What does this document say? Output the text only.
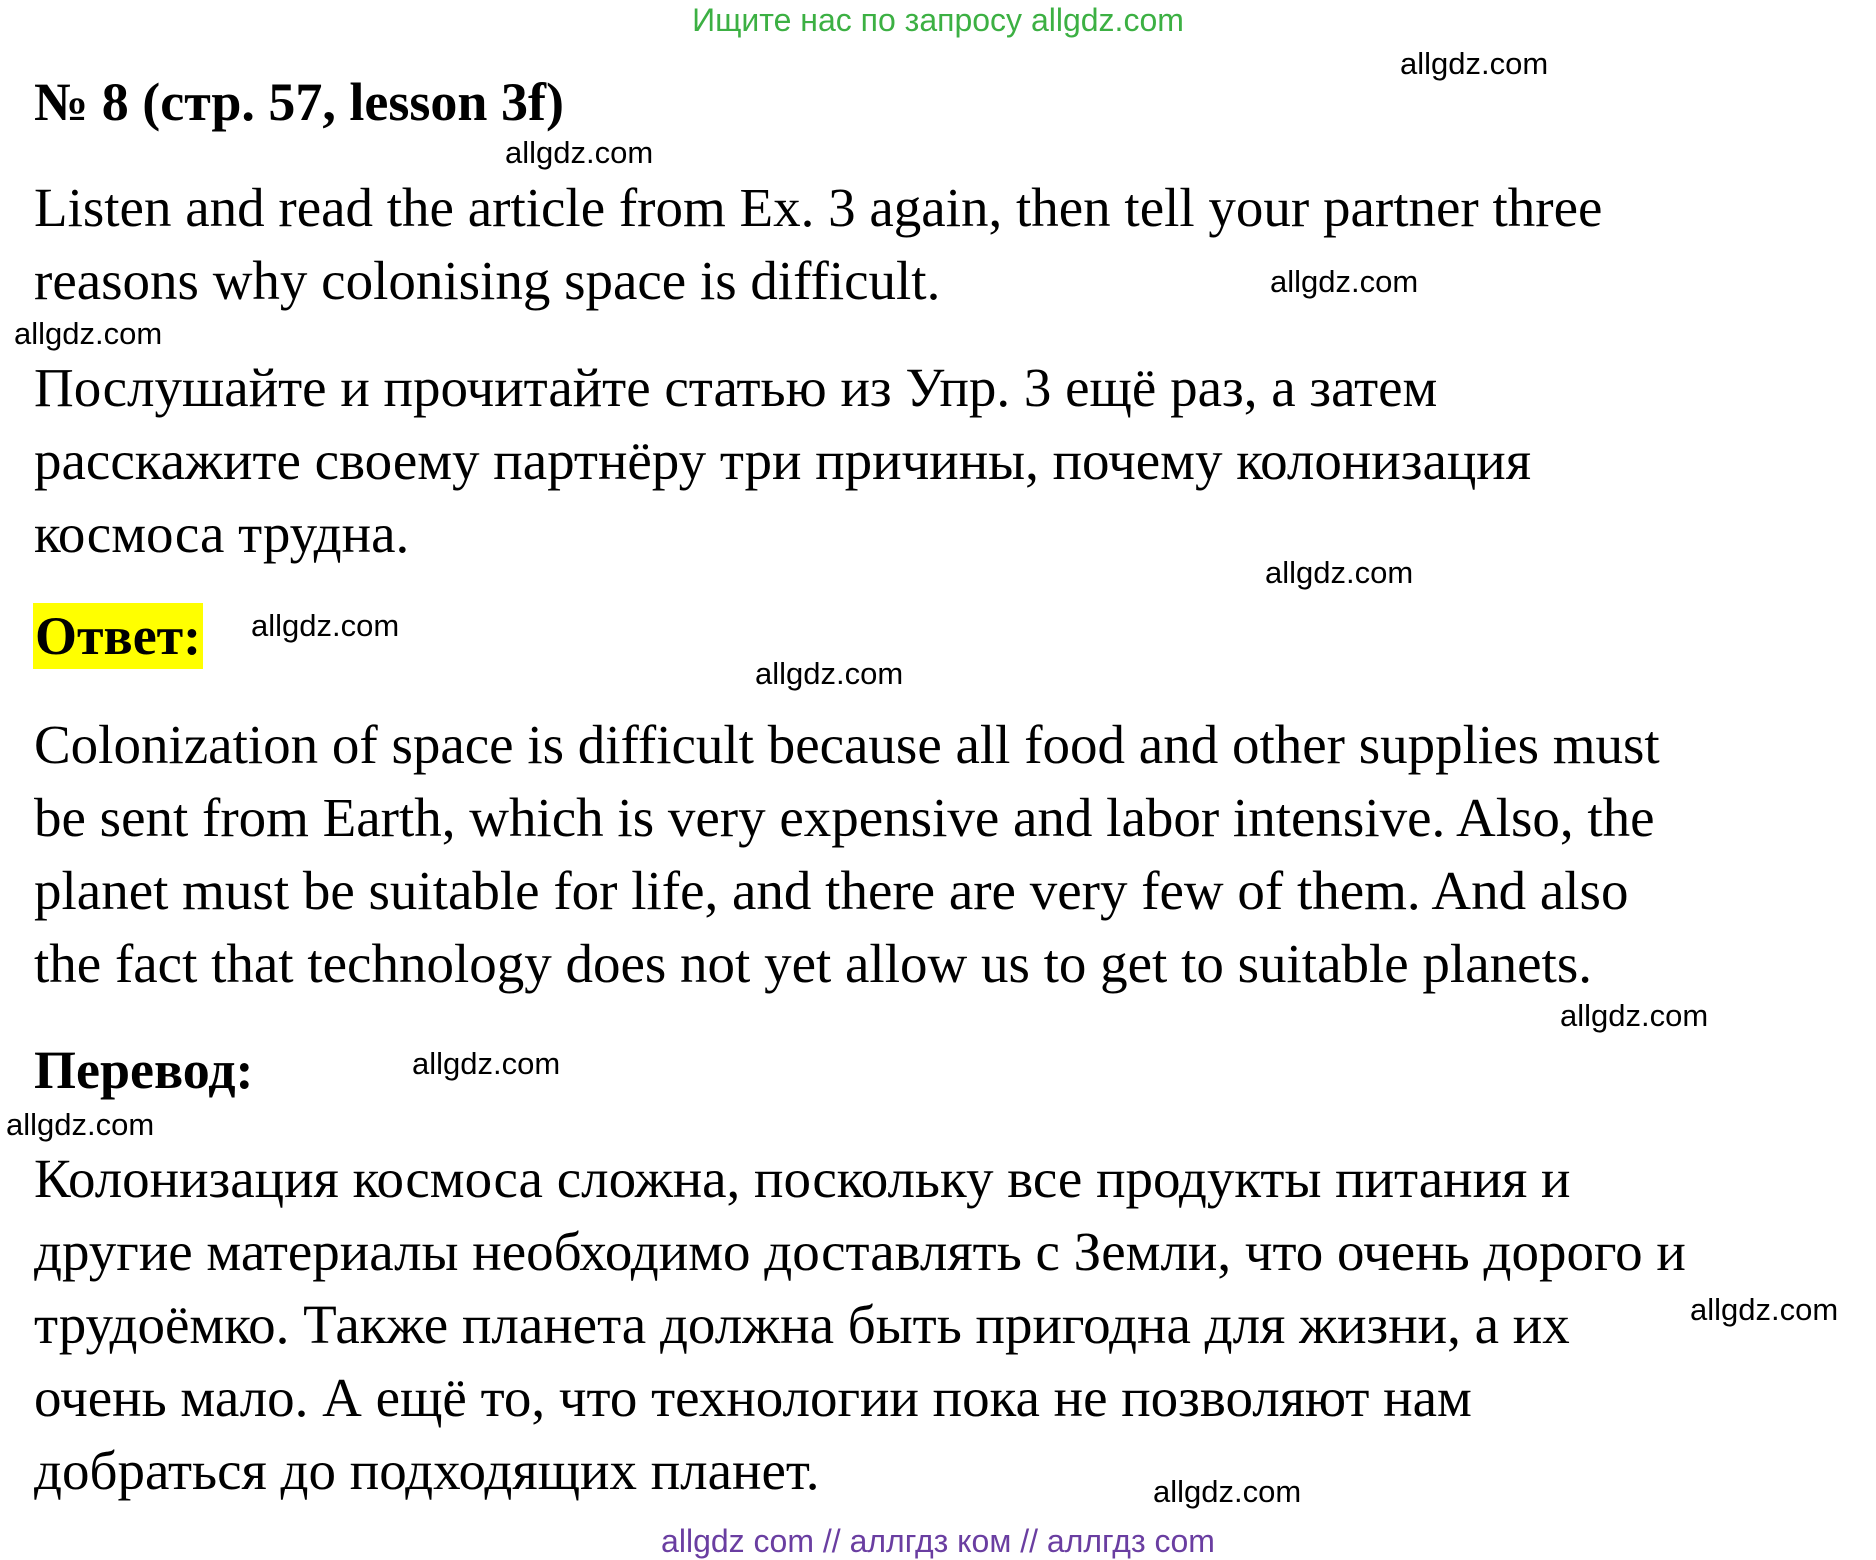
Ищите нас по запросу allgdz.com
allgdz.com
allgdz.com
allgdz.com
allgdz.com
allgdz.com
allgdz.com
allgdz.com
allgdz.com
allgdz.com
allgdz.com
allgdz.com
allgdz.com
№ 8 (стр. 57, lesson 3f)
Listen and read the article from Ex. 3 again, then tell your partner three
reasons why colonising space is difficult.
Послушайте и прочитайте статью из Упр. 3 ещё раз, а затем
расскажите своему партнёру три причины, почему колонизация
космоса трудна.
Ответ:
Colonization of space is difficult because all food and other supplies must
be sent from Earth, which is very expensive and labor intensive. Also, the
planet must be suitable for life, and there are very few of them. And also
the fact that technology does not yet allow us to get to suitable planets.
Перевод:
Колонизация космоса сложна, поскольку все продукты питания и
другие материалы необходимо доставлять с Земли, что очень дорого и
трудоёмко. Также планета должна быть пригодна для жизни, а их
очень мало. А ещё то, что технологии пока не позволяют нам
добраться до подходящих планет.
allgdz com // аллгдз ком // аллгдз com
